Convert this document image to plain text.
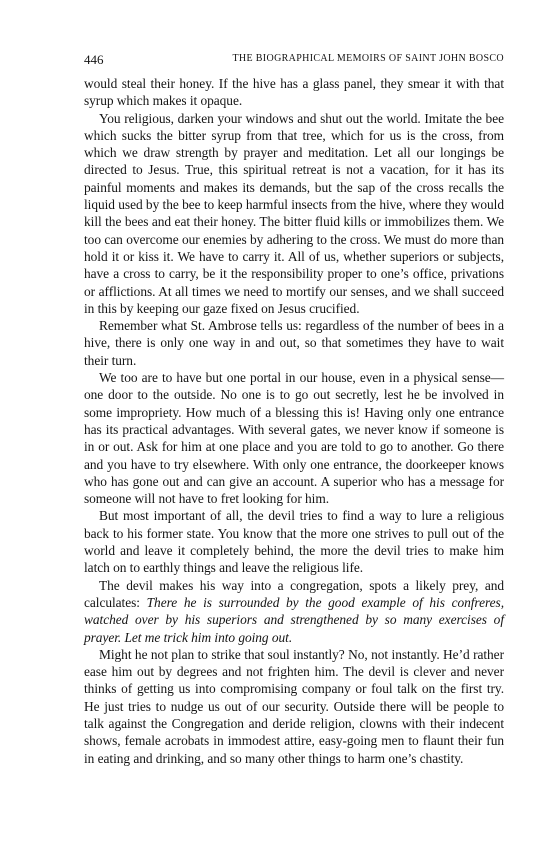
446	THE BIOGRAPHICAL MEMOIRS OF SAINT JOHN BOSCO

would steal their honey. If the hive has a glass panel, they smear it with that syrup which makes it opaque.

You religious, darken your windows and shut out the world. Imitate the bee which sucks the bitter syrup from that tree, which for us is the cross, from which we draw strength by prayer and meditation. Let all our longings be directed to Jesus. True, this spiritual retreat is not a vacation, for it has its painful moments and makes its demands, but the sap of the cross recalls the liquid used by the bee to keep harmful insects from the hive, where they would kill the bees and eat their honey. The bitter fluid kills or immobilizes them. We too can overcome our enemies by adhering to the cross. We must do more than hold it or kiss it. We have to carry it. All of us, whether superiors or subjects, have a cross to carry, be it the responsibility proper to one’s office, privations or afflictions. At all times we need to mortify our senses, and we shall succeed in this by keeping our gaze fixed on Jesus crucified.

Remember what St. Ambrose tells us: regardless of the number of bees in a hive, there is only one way in and out, so that sometimes they have to wait their turn.

We too are to have but one portal in our house, even in a physical sense—one door to the outside. No one is to go out secretly, lest he be involved in some impropriety. How much of a blessing this is! Having only one entrance has its practical advantages. With several gates, we never know if someone is in or out. Ask for him at one place and you are told to go to another. Go there and you have to try elsewhere. With only one entrance, the doorkeeper knows who has gone out and can give an account. A superior who has a message for someone will not have to fret looking for him.

But most important of all, the devil tries to find a way to lure a religious back to his former state. You know that the more one strives to pull out of the world and leave it completely behind, the more the devil tries to make him latch on to earthly things and leave the religious life.

The devil makes his way into a congregation, spots a likely prey, and calculates: There he is surrounded by the good example of his confreres, watched over by his superiors and strengthened by so many exercises of prayer. Let me trick him into going out.

Might he not plan to strike that soul instantly? No, not instantly. He’d rather ease him out by degrees and not frighten him. The devil is clever and never thinks of getting us into compromising company or foul talk on the first try. He just tries to nudge us out of our security. Outside there will be people to talk against the Congregation and deride religion, clowns with their indecent shows, female acrobats in immodest attire, easy-going men to flaunt their fun in eating and drinking, and so many other things to harm one’s chastity.
